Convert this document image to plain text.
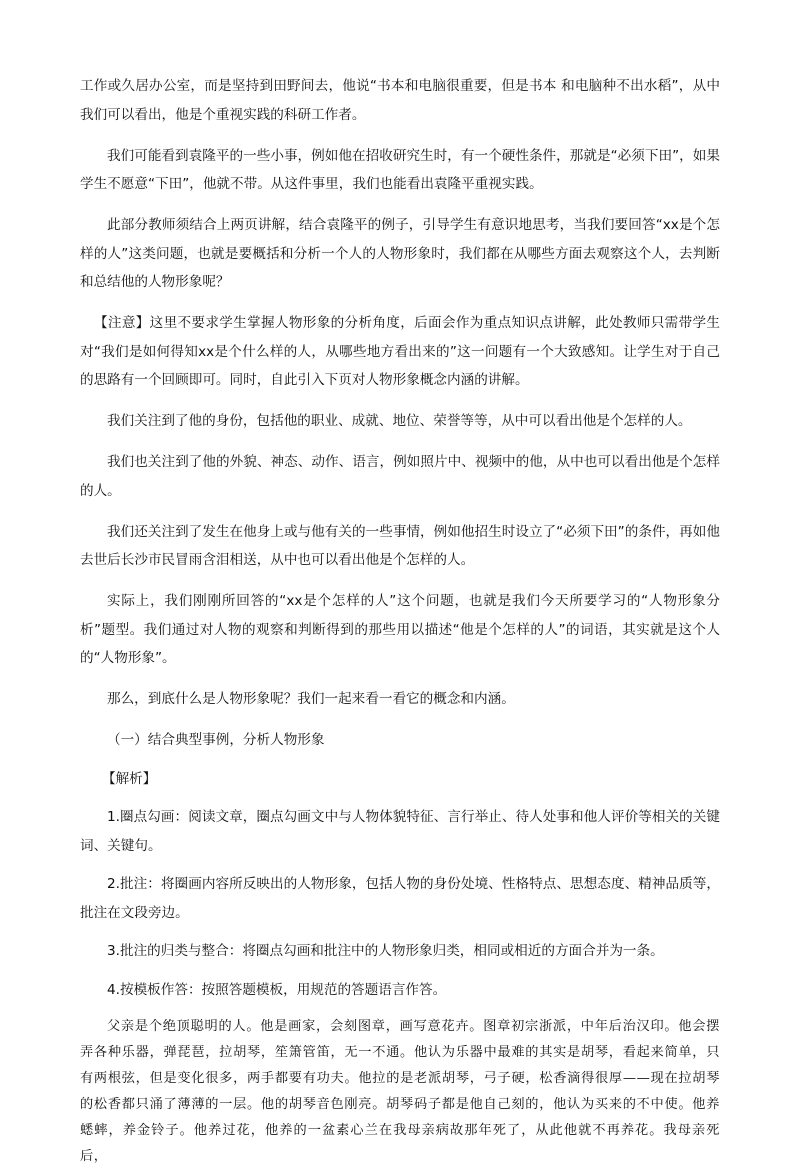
工作或久居办公室，而是坚持到田野间去，他说“书本和电脑很重要，但是书本 和电脑种不出水稻”，从中我们可以看出，他是个重视实践的科研工作者。

我们可能看到袁隆平的一些小事，例如他在招收研究生时，有一个硬性条件，那就是“必须下田”，如果学生不愿意“下田”，他就不带。从这件事里，我们也能看出袁隆平重视实践。

此部分教师须结合上两页讲解，结合袁隆平的例子，引导学生有意识地思考，当我们要回答“xx是个怎样的人”这类问题，也就是要概括和分析一个人的人物形象时，我们都在从哪些方面去观察这个人，去判断和总结他的人物形象呢？

【注意】这里不要求学生掌握人物形象的分析角度，后面会作为重点知识点讲解，此处教师只需带学生对“我们是如何得知xx是个什么样的人，从哪些地方看出来的”这一问题有一个大致感知。让学生对于自己的思路有一个回顾即可。同时，自此引入下页对人物形象概念内涵的讲解。

我们关注到了他的身份，包括他的职业、成就、地位、荣誉等等，从中可以看出他是个怎样的人。

我们也关注到了他的外貌、神态、动作、语言，例如照片中、视频中的他，从中也可以看出他是个怎样的人。

我们还关注到了发生在他身上或与他有关的一些事情，例如他招生时设立了“必须下田”的条件，再如他去世后长沙市民冒雨含泪相送，从中也可以看出他是个怎样的人。

实际上，我们刚刚所回答的“xx是个怎样的人”这个问题，也就是我们今天所要学习的“人物形象分析”题型。我们通过对人物的观察和判断得到的那些用以描述“他是个怎样的人”的词语，其实就是这个人的“人物形象”。

那么，到底什么是人物形象呢？我们一起来看一看它的概念和内涵。

（一）结合典型事例，分析人物形象

【解析】

1.圈点勾画：阅读文章，圈点勾画文中与人物体貌特征、言行举止、待人处事和他人评价等相关的关键词、关键句。

2.批注：将圈画内容所反映出的人物形象，包括人物的身份处境、性格特点、思想态度、精神品质等，批注在文段旁边。

3.批注的归类与整合：将圈点勾画和批注中的人物形象归类，相同或相近的方面合并为一条。

4.按模板作答：按照答题模板，用规范的答题语言作答。

父亲是个绝顶聪明的人。他是画家，会刻图章，画写意花卉。图章初宗浙派，中年后治汉印。他会摆弄各种乐器，弹琵琶，拉胡琴，笙箫管笛，无一不通。他认为乐器中最难的其实是胡琴，看起来简单，只有两根弦，但是变化很多，两手都要有功夫。他拉的是老派胡琴，弓子硬，松香滴得很厚——现在拉胡琴的松香都只涌了薄薄的一层。他的胡琴音色刚亮。胡琴码子都是他自己刻的，他认为买来的不中使。他养蟋蟀，养金铃子。他养过花，他养的一盆素心兰在我母亲病故那年死了，从此他就不再养花。我母亲死后，
